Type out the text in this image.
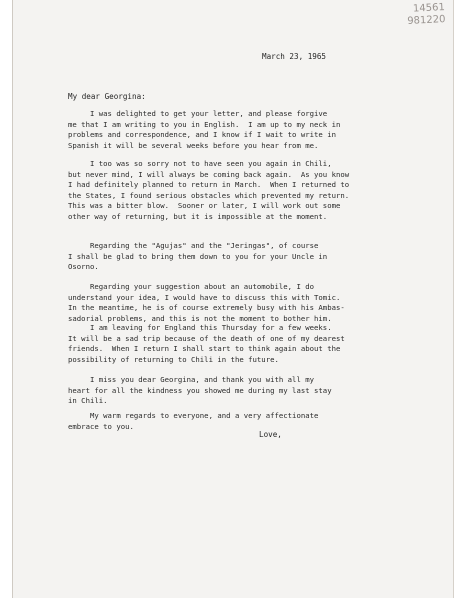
14561
981220
March 23, 1965
My dear Georgina:
I was delighted to get your letter, and please forgive
me that I am writing to you in English.  I am up to my neck in
problems and correspondence, and I know if I wait to write in
Spanish it will be several weeks before you hear from me.
I too was so sorry not to have seen you again in Chili,
but never mind, I will always be coming back again.  As you know
I had definitely planned to return in March.  When I returned to
the States, I found serious obstacles which prevented my return.
This was a bitter blow.  Sooner or later, I will work out some
other way of returning, but it is impossible at the moment.
Regarding the "Agujas" and the "Jeringas", of course
I shall be glad to bring them down to you for your Uncle in
Osorno.
Regarding your suggestion about an automobile, I do
understand your idea, I would have to discuss this with Tomic.
In the meantime, he is of course extremely busy with his Ambas-
sadorial problems, and this is not the moment to bother him.
I am leaving for England this Thursday for a few weeks.
It will be a sad trip because of the death of one of my dearest
friends.  When I return I shall start to think again about the
possibility of returning to Chili in the future.
I miss you dear Georgina, and thank you with all my
heart for all the kindness you showed me during my last stay
in Chili.
My warm regards to everyone, and a very affectionate
embrace to you.
Love,
